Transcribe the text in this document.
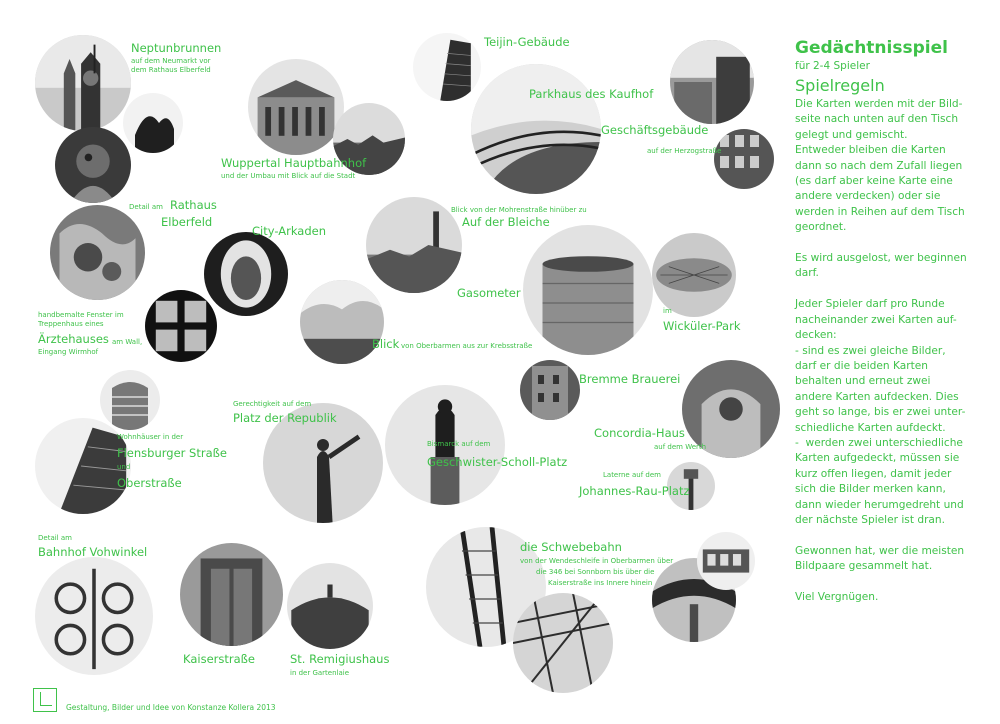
Neptunbrunnen
auf dem Neumarkt vor
dem Rathaus Elberfeld
Teijin-Gebäude
Parkhaus des Kaufhof
Geschäftsgebäude
auf der Herzogstraße
Wuppertal Hauptbahnhof
und der Umbau mit Blick auf die Stadt
Detail am Rathaus
Elberfeld
City-Arkaden
Blick von der Mohrenstraße hinüber zu
Auf der Bleiche
Gasometer
im
Wicküler-Park
handbemalte Fenster im
Treppenhaus eines
Ärztehauses am Wall,
Eingang Wirmhof
Blick von Oberbarmen aus zur Krebsstraße
Bremme Brauerei
Gerechtigkeit auf dem
Platz der Republik
Wohnhäuser in der
Flensburger Straße
und
Oberstraße
Bismarck auf dem
Geschwister-Scholl-Platz
Concordia-Haus
auf dem Werth
Laterne auf dem
Johannes-Rau-Platz
Detail am
Bahnhof Vohwinkel	die Schwebebahn
von der Wendeschleife in Oberbarmen über
die 346 bei Sonnborn bis über die
Kaiserstraße ins Innere hinein
Kaiserstraße	St. Remigiushaus
in der Gartenlaie
Gedächtnisspiel
für 2-4 Spieler
Spielregeln
Die Karten werden mit der Bild-
seite nach unten auf den Tisch
gelegt und gemischt.
Entweder bleiben die Karten
dann so nach dem Zufall liegen
(es darf aber keine Karte eine
andere verdecken) oder sie
werden in Reihen auf dem Tisch
geordnet.

Es wird ausgelost, wer beginnen
darf.

Jeder Spieler darf pro Runde
nacheinander zwei Karten auf-
decken:
- sind es zwei gleiche Bilder,
darf er die beiden Karten
behalten und erneut zwei
andere Karten aufdecken. Dies
geht so lange, bis er zwei unter-
schiedliche Karten aufdeckt.
-  werden zwei unterschiedliche
Karten aufgedeckt, müssen sie
kurz offen liegen, damit jeder
sich die Bilder merken kann,
dann wieder herumgedreht und
der nächste Spieler ist dran.

Gewonnen hat, wer die meisten
Bildpaare gesammelt hat.

Viel Vergnügen.
Gestaltung, Bilder und Idee von Konstanze Kollera 2013
